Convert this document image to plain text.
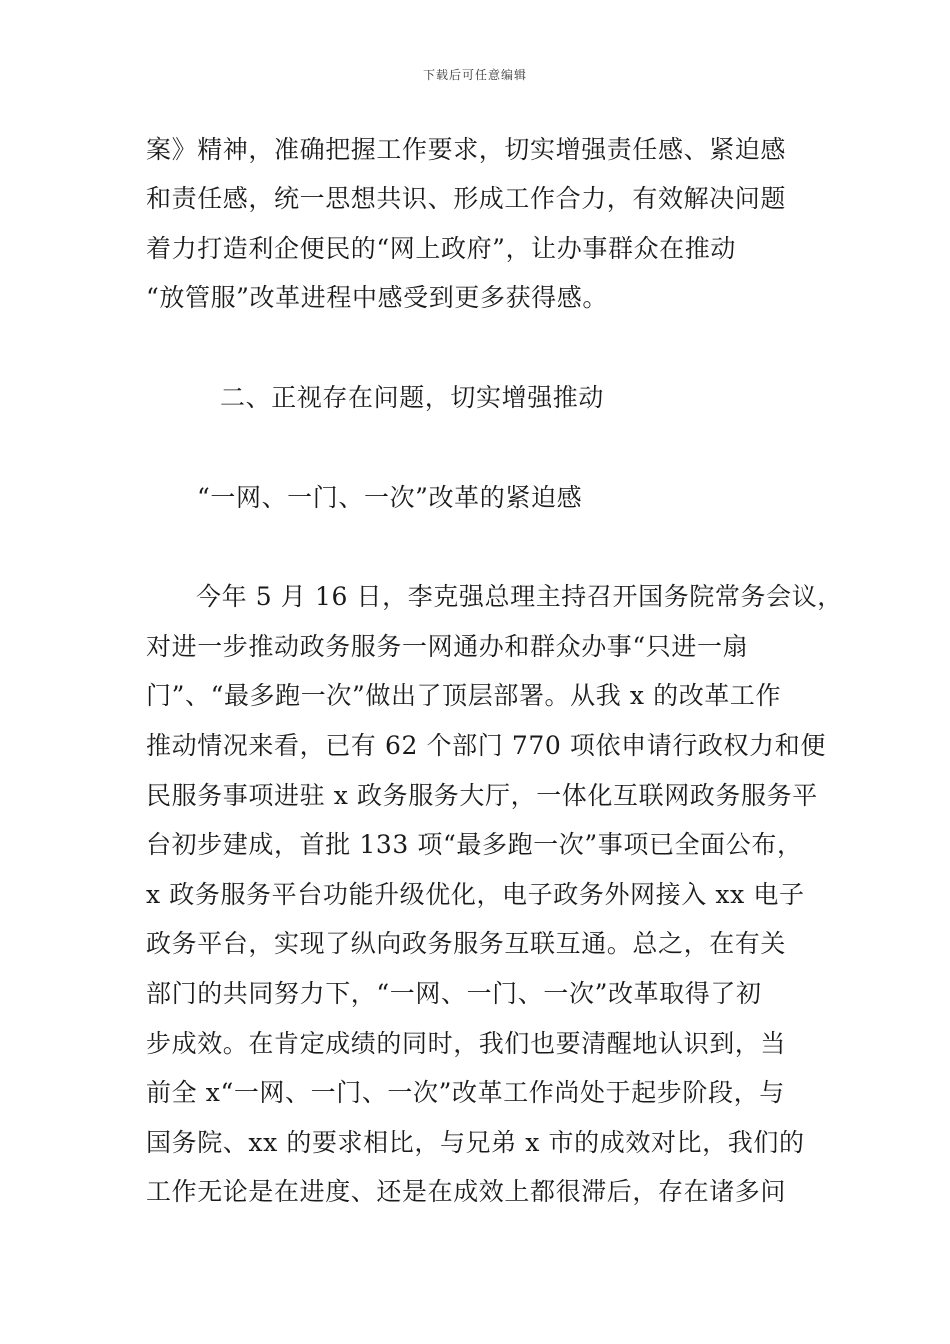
下载后可任意编辑
案》精神，准确把握工作要求，切实增强责任感、紧迫感
和责任感，统一思想共识、形成工作合力，有效解决问题
着力打造利企便民的“网上政府”，让办事群众在推动
“放管服”改革进程中感受到更多获得感。
二、正视存在问题，切实增强推动
“一网、一门、一次”改革的紧迫感
今年 5 月 16 日，李克强总理主持召开国务院常务会议，
对进一步推动政务服务一网通办和群众办事“只进一扇
门”、“最多跑一次”做出了顶层部署。从我 x 的改革工作
推动情况来看，已有 62 个部门 770 项依申请行政权力和便
民服务事项进驻 x 政务服务大厅，一体化互联网政务服务平
台初步建成，首批 133 项“最多跑一次”事项已全面公布，
x 政务服务平台功能升级优化，电子政务外网接入 xx 电子
政务平台，实现了纵向政务服务互联互通。总之，在有关
部门的共同努力下，“一网、一门、一次”改革取得了初
步成效。在肯定成绩的同时，我们也要清醒地认识到，当
前全 x“一网、一门、一次”改革工作尚处于起步阶段，与
国务院、xx 的要求相比，与兄弟 x 市的成效对比，我们的
工作无论是在进度、还是在成效上都很滞后，存在诸多问
